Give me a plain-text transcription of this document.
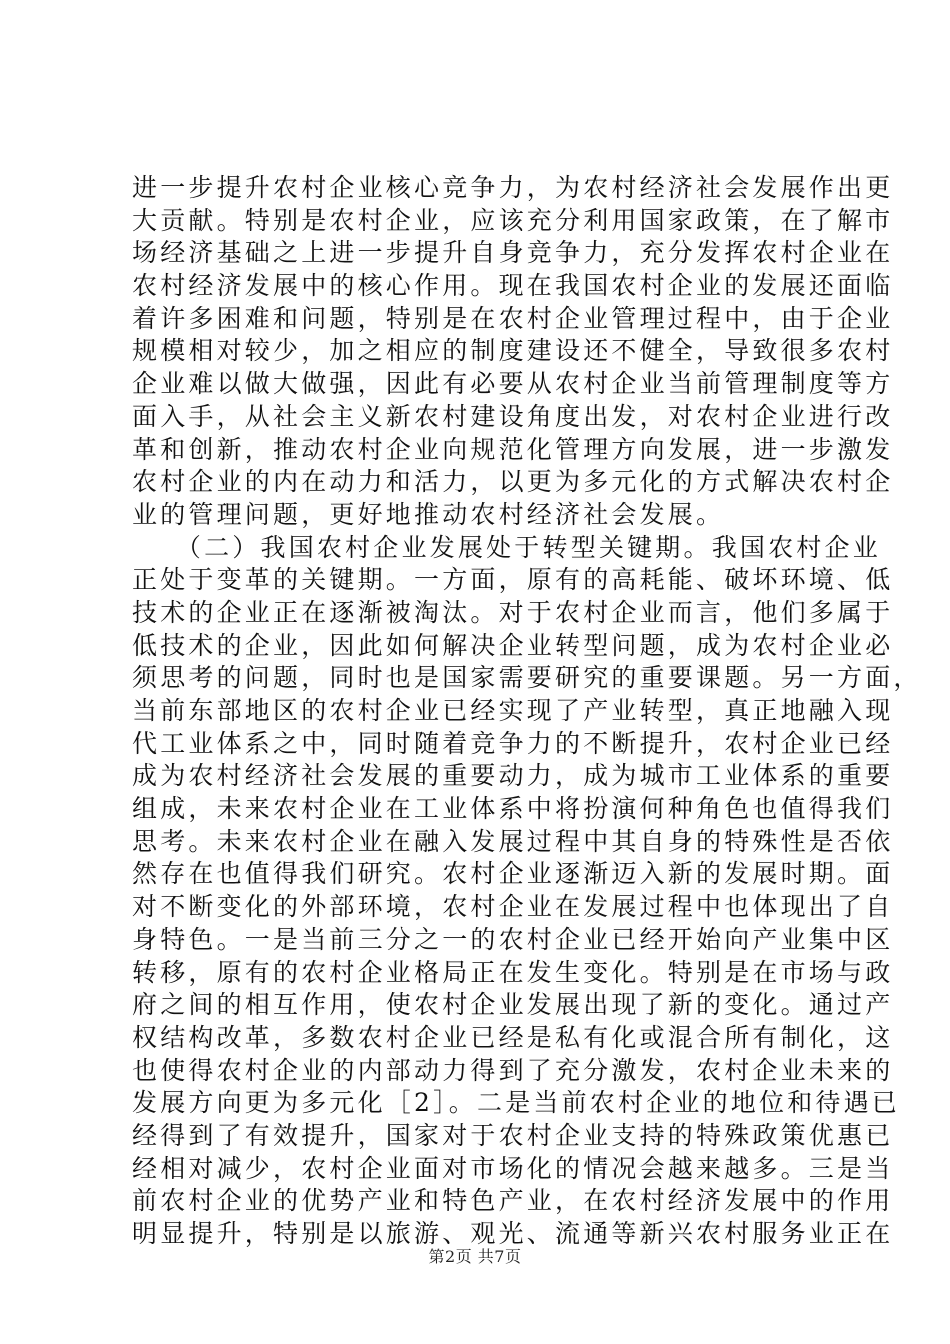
进一步提升农村企业核心竞争力，为农村经济社会发展作出更
大贡献。特别是农村企业，应该充分利用国家政策，在了解市
场经济基础之上进一步提升自身竞争力，充分发挥农村企业在
农村经济发展中的核心作用。现在我国农村企业的发展还面临
着许多困难和问题，特别是在农村企业管理过程中，由于企业
规模相对较少，加之相应的制度建设还不健全，导致很多农村
企业难以做大做强，因此有必要从农村企业当前管理制度等方
面入手，从社会主义新农村建设角度出发，对农村企业进行改
革和创新，推动农村企业向规范化管理方向发展，进一步激发
农村企业的内在动力和活力，以更为多元化的方式解决农村企
业的管理问题，更好地推动农村经济社会发展。
　　（二）我国农村企业发展处于转型关键期。我国农村企业
正处于变革的关键期。一方面，原有的高耗能、破坏环境、低
技术的企业正在逐渐被淘汰。对于农村企业而言，他们多属于
低技术的企业，因此如何解决企业转型问题，成为农村企业必
须思考的问题，同时也是国家需要研究的重要课题。另一方面，
当前东部地区的农村企业已经实现了产业转型，真正地融入现
代工业体系之中，同时随着竞争力的不断提升，农村企业已经
成为农村经济社会发展的重要动力，成为城市工业体系的重要
组成，未来农村企业在工业体系中将扮演何种角色也值得我们
思考。未来农村企业在融入发展过程中其自身的特殊性是否依
然存在也值得我们研究。农村企业逐渐迈入新的发展时期。面
对不断变化的外部环境，农村企业在发展过程中也体现出了自
身特色。一是当前三分之一的农村企业已经开始向产业集中区
转移，原有的农村企业格局正在发生变化。特别是在市场与政
府之间的相互作用，使农村企业发展出现了新的变化。通过产
权结构改革，多数农村企业已经是私有化或混合所有制化，这
也使得农村企业的内部动力得到了充分激发，农村企业未来的
发展方向更为多元化［2］。二是当前农村企业的地位和待遇已
经得到了有效提升，国家对于农村企业支持的特殊政策优惠已
经相对减少，农村企业面对市场化的情况会越来越多。三是当
前农村企业的优势产业和特色产业，在农村经济发展中的作用
明显提升，特别是以旅游、观光、流通等新兴农村服务业正在
第2页 共7页
